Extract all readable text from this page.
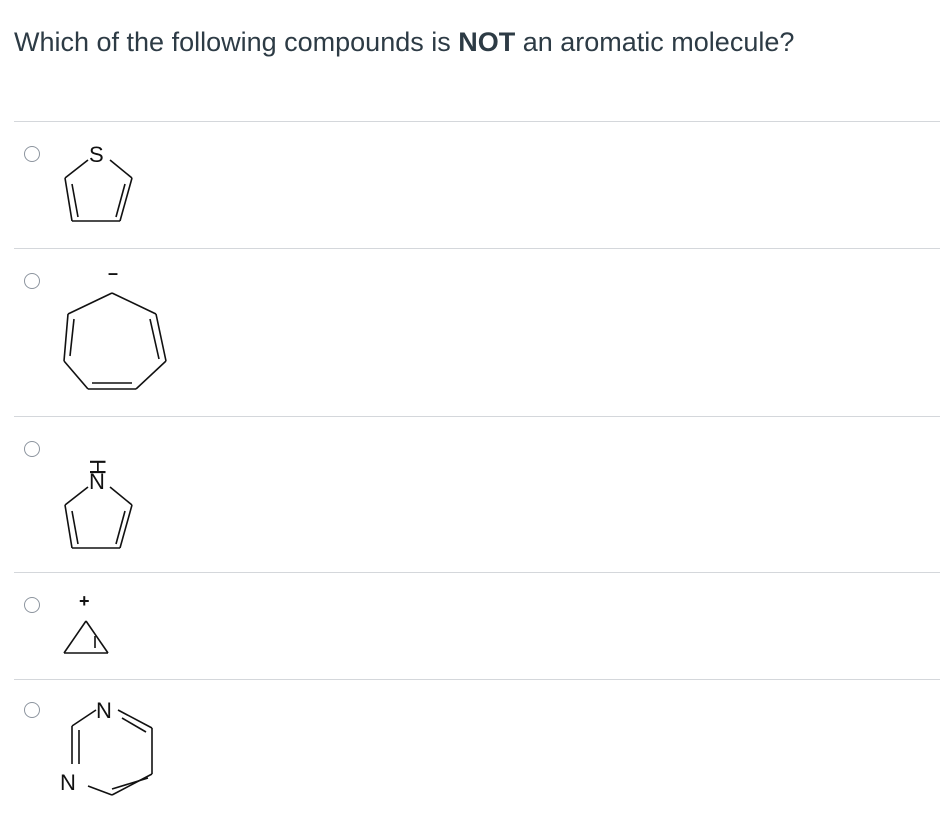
Which of the following compounds is NOT an aromatic molecule?
S
–
H
N
+
N
N
